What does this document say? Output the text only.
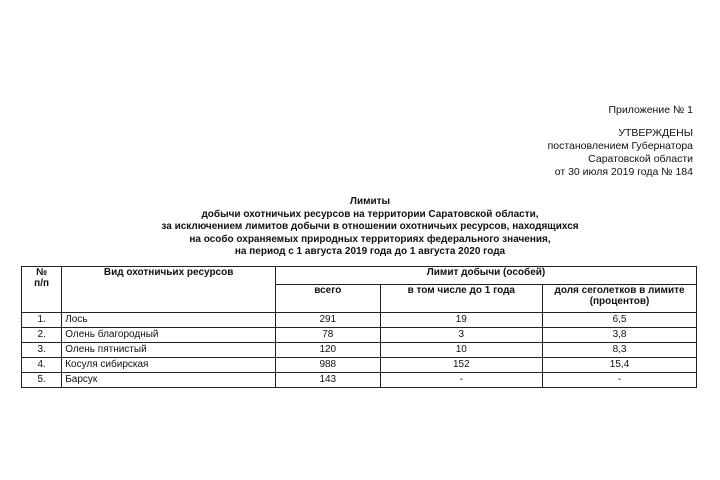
Приложение № 1
УТВЕРЖДЕНЫ
постановлением Губернатора
Саратовской области
от 30 июля 2019 года № 184
Лимиты
добычи охотничьих ресурсов на территории Саратовской области,
за исключением лимитов добычи в отношении охотничьих ресурсов, находящихся
на особо охраняемых природных территориях федерального значения,
на период с 1 августа 2019 года до 1 августа 2020 года
№
п/п	Вид охотничьих ресурсов	Лимит добычи (особей)		
		всего	в том числе до 1 года	доля сеголетков в лимите (процентов)
1.	Лось	291	19	6,5
2.	Олень благородный	78	3	3,8
3.	Олень пятнистый	120	10	8,3
4.	Косуля сибирская	988	152	15,4
5.	Барсук	143	-	-
